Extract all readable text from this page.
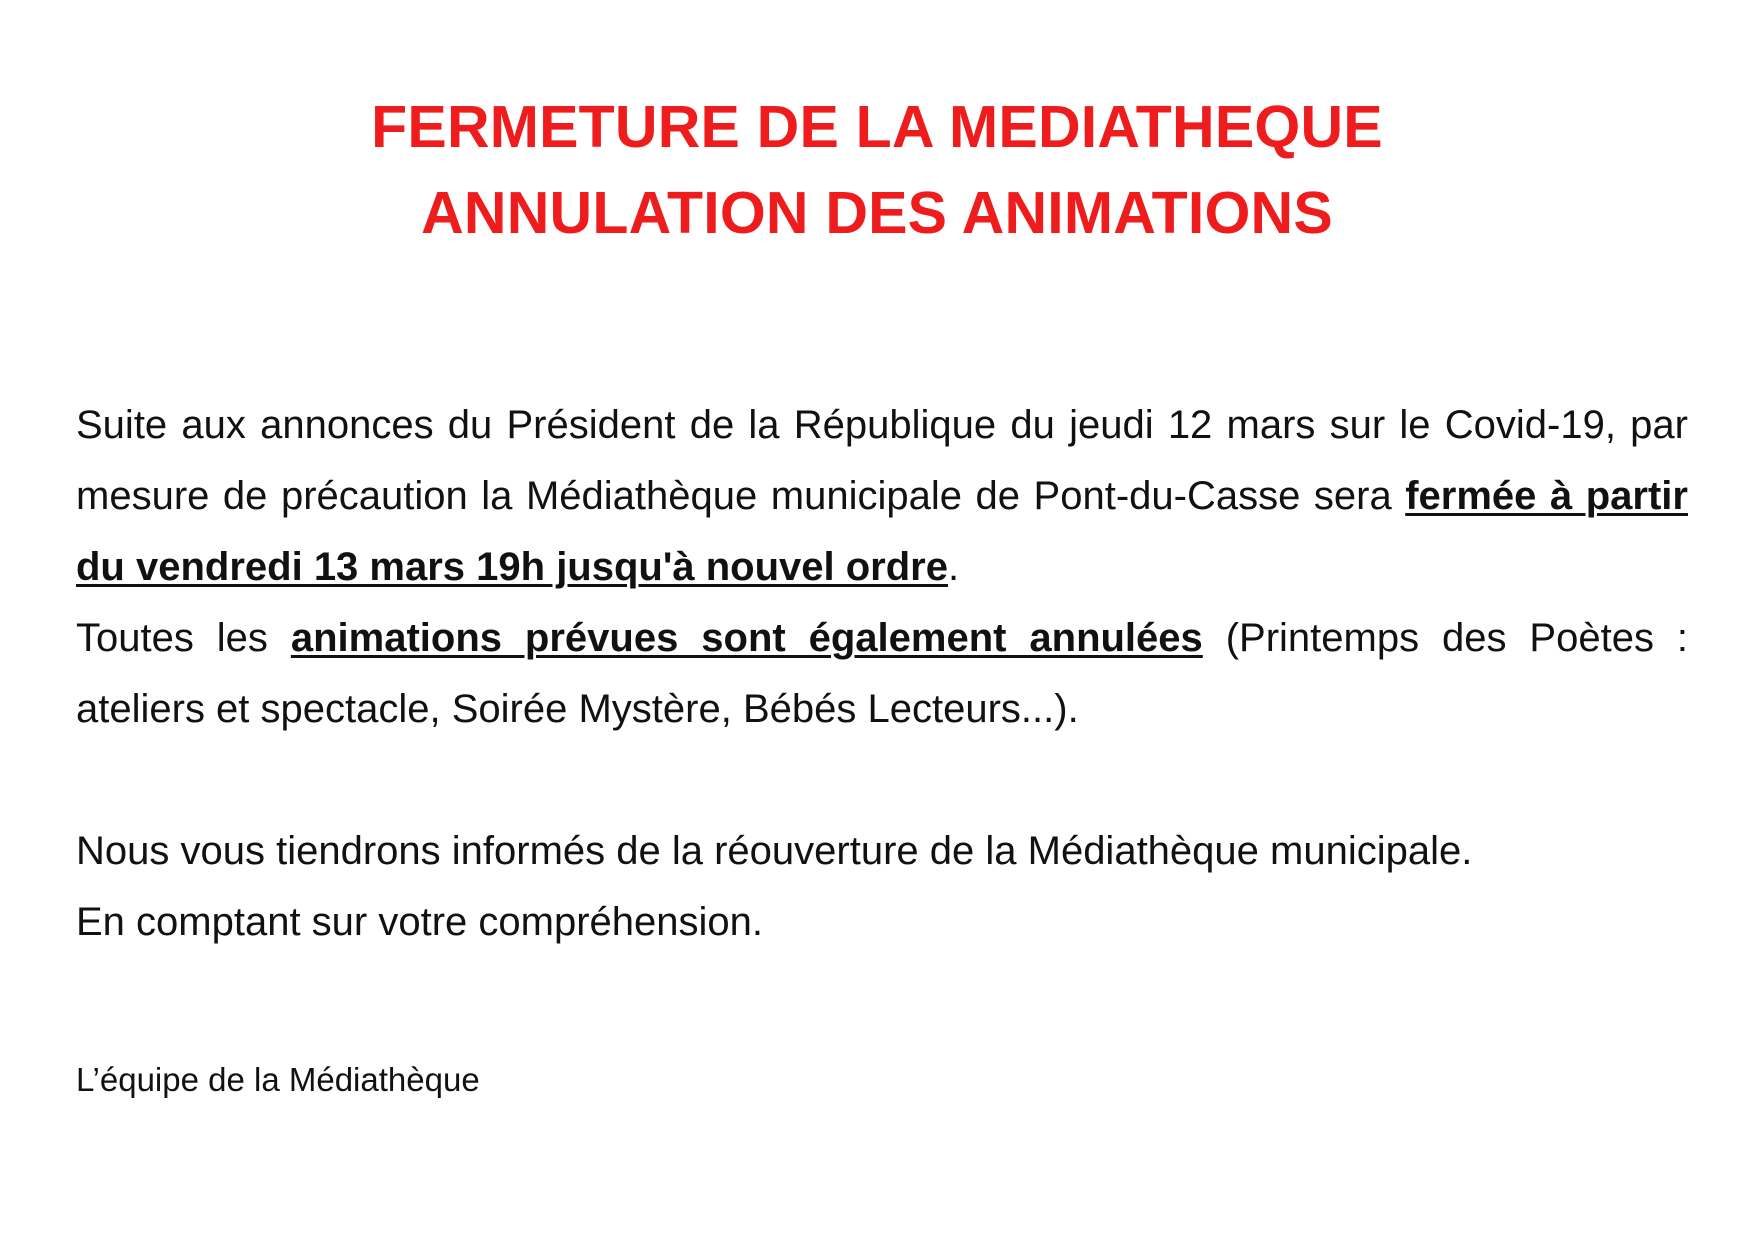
FERMETURE DE LA MEDIATHEQUE
ANNULATION DES ANIMATIONS

Suite aux annonces du Président de la République du jeudi 12 mars sur le Covid-19, par mesure de précaution la Médiathèque municipale de Pont-du-Casse sera fermée à partir du vendredi 13 mars 19h jusqu'à nouvel ordre.

Toutes les animations prévues sont également annulées (Printemps des Poètes : ateliers et spectacle, Soirée Mystère, Bébés Lecteurs...).

Nous vous tiendrons informés de la réouverture de la Médiathèque municipale.

En comptant sur votre compréhension.

L’équipe de la Médiathèque
